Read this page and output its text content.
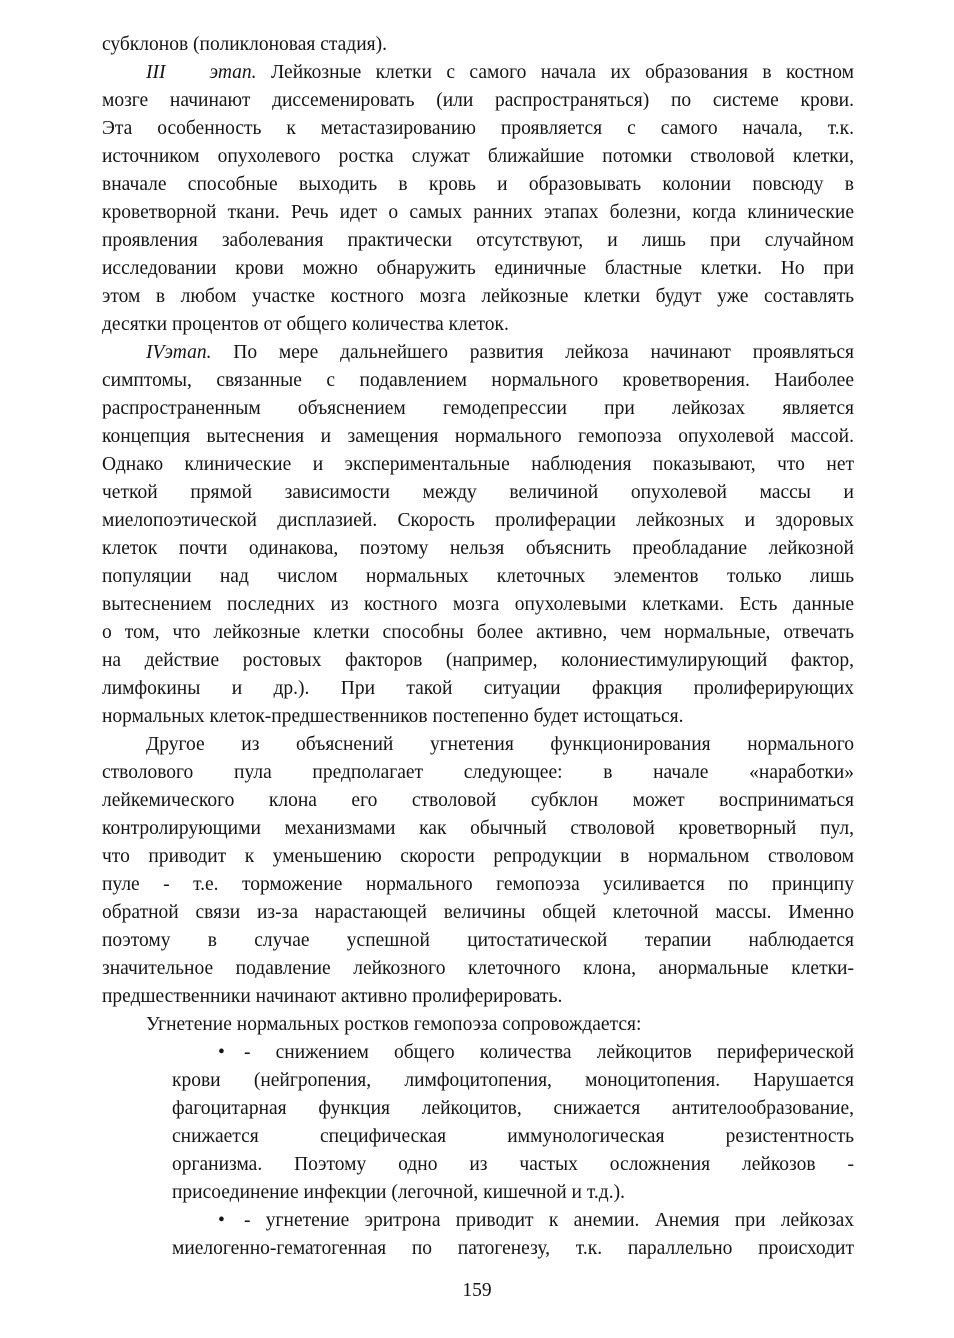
субклонов (поликлоновая стадия).
III этап. Лейкозные клетки с самого начала их образования в костном
мозге начинают диссеменировать (или распространяться) по системе крови.
Эта особенность к метастазированию проявляется с самого начала, т.к.
источником опухолевого ростка служат ближайшие потомки стволовой клетки,
вначале способные выходить в кровь и образовывать колонии повсюду в
кроветворной ткани. Речь идет о самых ранних этапах болезни, когда клинические
проявления заболевания практически отсутствуют, и лишь при случайном
исследовании крови можно обнаружить единичные бластные клетки. Но при
этом в любом участке костного мозга лейкозные клетки будут уже составлять
десятки процентов от общего количества клеток.
IVэтап. По мере дальнейшего развития лейкоза начинают проявляться
симптомы, связанные с подавлением нормального кроветворения. Наиболее
распространенным объяснением гемодепрессии при лейкозах является
концепция вытеснения и замещения нормального гемопоэза опухолевой массой.
Однако клинические и экспериментальные наблюдения показывают, что нет
четкой прямой зависимости между величиной опухолевой массы и
миелопоэтической дисплазией. Скорость пролиферации лейкозных и здоровых
клеток почти одинакова, поэтому нельзя объяснить преобладание лейкозной
популяции над числом нормальных клеточных элементов только лишь
вытеснением последних из костного мозга опухолевыми клетками. Есть данные
о том, что лейкозные клетки способны более активно, чем нормальные, отвечать
на действие ростовых факторов (например, колониестимулирующий фактор,
лимфокины и др.). При такой ситуации фракция пролиферирующих
нормальных клеток-предшественников постепенно будет истощаться.
Другое из объяснений угнетения функционирования нормального
стволового пула предполагает следующее: в начале «наработки»
лейкемического клона его стволовой субклон может восприниматься
контролирующими механизмами как обычный стволовой кроветворный пул,
что приводит к уменьшению скорости репродукции в нормальном стволовом
пуле - т.е. торможение нормального гемопоэза усиливается по принципу
обратной связи из-за нарастающей величины общей клеточной массы. Именно
поэтому в случае успешной цитостатической терапии наблюдается
значительное подавление лейкозного клеточного клона, анормальные клетки-
предшественники начинают активно пролиферировать.
Угнетение нормальных ростков гемопоэза сопровождается:
• - снижением общего количества лейкоцитов периферической
крови (нейгропения, лимфоцитопения, моноцитопения. Нарушается
фагоцитарная функция лейкоцитов, снижается антителообразование,
снижается специфическая иммунологическая резистентность
организма. Поэтому одно из частых осложнения лейкозов -
присоединение инфекции (легочной, кишечной и т.д.).
• - угнетение эритрона приводит к анемии. Анемия при лейкозах
миелогенно-гематогенная по патогенезу, т.к. параллельно происходит
159
